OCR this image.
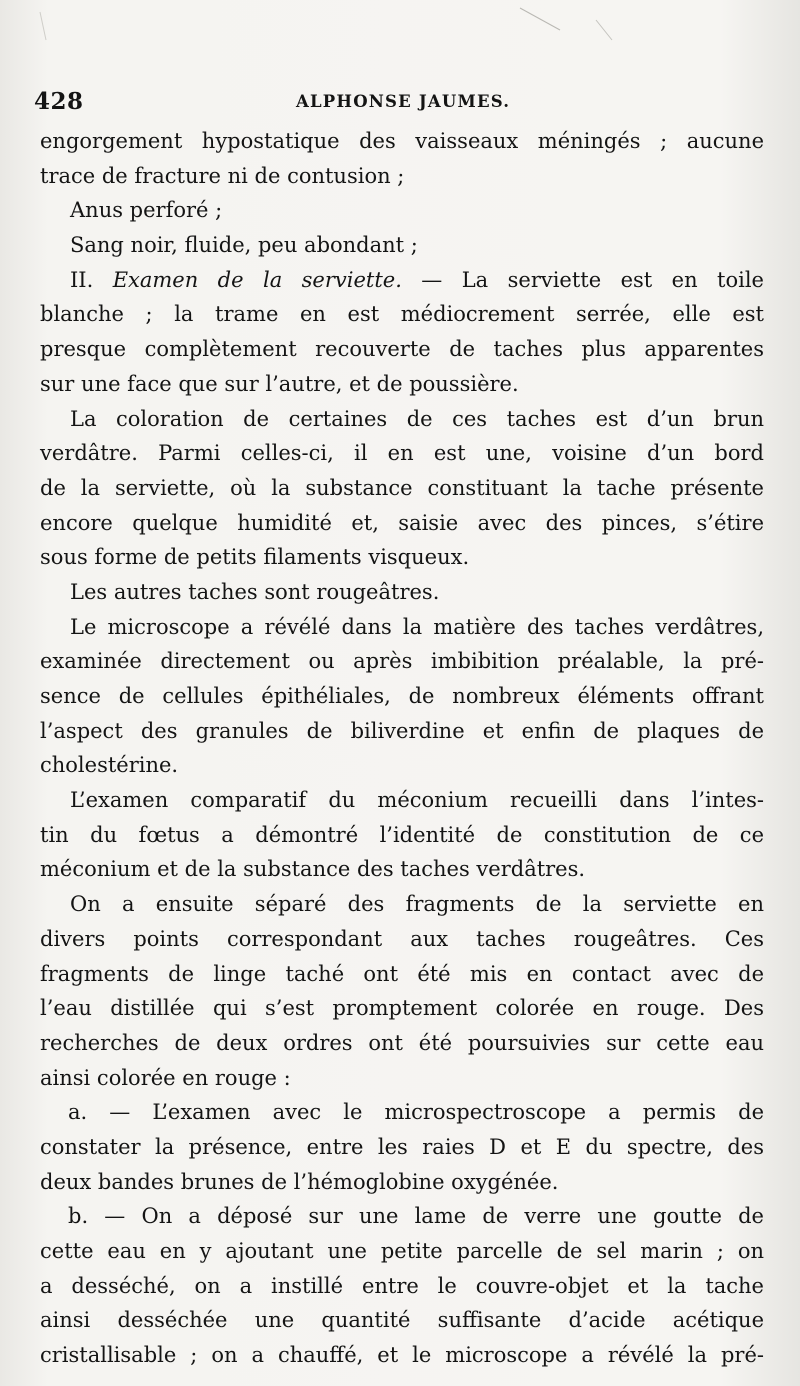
428	ALPHONSE JAUMES.
engorgement hypostatique des vaisseaux méningés ; aucune
trace de fracture ni de contusion ;
Anus perforé ;
Sang noir, fluide, peu abondant ;
II. Examen de la serviette. — La serviette est en toile
blanche ; la trame en est médiocrement serrée, elle est
presque complètement recouverte de taches plus apparentes
sur une face que sur l’autre, et de poussière.
La coloration de certaines de ces taches est d’un brun
verdâtre. Parmi celles-ci, il en est une, voisine d’un bord
de la serviette, où la substance constituant la tache présente
encore quelque humidité et, saisie avec des pinces, s’étire
sous forme de petits filaments visqueux.
Les autres taches sont rougeâtres.
Le microscope a révélé dans la matière des taches verdâtres,
examinée directement ou après imbibition préalable, la pré-
sence de cellules épithéliales, de nombreux éléments offrant
l’aspect des granules de biliverdine et enfin de plaques de
cholestérine.
L’examen comparatif du méconium recueilli dans l’intes-
tin du fœtus a démontré l’identité de constitution de ce
méconium et de la substance des taches verdâtres.
On a ensuite séparé des fragments de la serviette en
divers points correspondant aux taches rougeâtres. Ces
fragments de linge taché ont été mis en contact avec de
l’eau distillée qui s’est promptement colorée en rouge. Des
recherches de deux ordres ont été poursuivies sur cette eau
ainsi colorée en rouge :
a. — L’examen avec le microspectroscope a permis de
constater la présence, entre les raies D et E du spectre, des
deux bandes brunes de l’hémoglobine oxygénée.
b. — On a déposé sur une lame de verre une goutte de
cette eau en y ajoutant une petite parcelle de sel marin ; on
a desséché, on a instillé entre le couvre-objet et la tache
ainsi desséchée une quantité suffisante d’acide acétique
cristallisable ; on a chauffé, et le microscope a révélé la pré-
